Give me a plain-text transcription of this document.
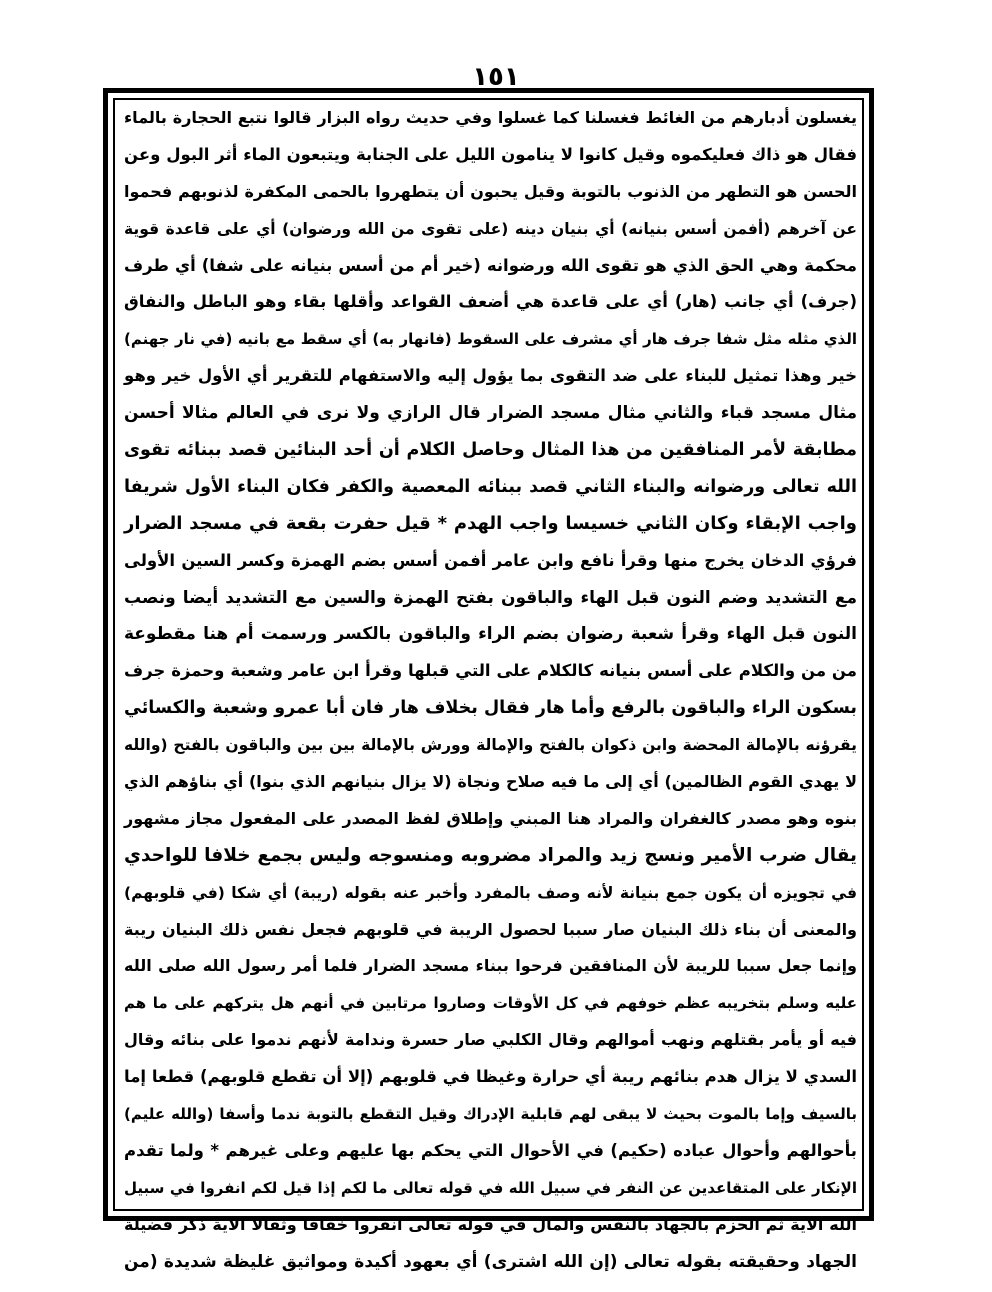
١٥١
يغسلون أدبارهم من الغائط فغسلنا كما غسلوا وفي حديث رواه البزار قالوا نتبع الحجارة بالماء
فقال هو ذاك فعليكموه وقيل كانوا لا ينامون الليل على الجنابة ويتبعون الماء أثر البول وعن
الحسن هو التطهر من الذنوب بالتوبة وقيل يحبون أن يتطهروا بالحمى المكفرة لذنوبهم فحموا
عن آخرهم (أفمن أسس بنيانه) أي بنيان دينه (على تقوى من الله ورضوان) أي على قاعدة قوية
محكمة وهي الحق الذي هو تقوى الله ورضوانه (خير أم من أسس بنيانه على شفا) أي طرف
(جرف) أي جانب (هار) أي على قاعدة هي أضعف القواعد وأقلها بقاء وهو الباطل والنفاق
الذي مثله مثل شفا جرف هار أي مشرف على السقوط (فانهار به) أي سقط مع بانيه (في نار جهنم)
خير وهذا تمثيل للبناء على ضد التقوى بما يؤول إليه والاستفهام للتقرير أي الأول خير وهو
مثال مسجد قباء والثاني مثال مسجد الضرار قال الرازي ولا نرى في العالم مثالا أحسن
مطابقة لأمر المنافقين من هذا المثال وحاصل الكلام أن أحد البنائين قصد ببنائه تقوى
الله تعالى ورضوانه والبناء الثاني قصد ببنائه المعصية والكفر فكان البناء الأول شريفا
واجب الإبقاء وكان الثاني خسيسا واجب الهدم * قيل حفرت بقعة في مسجد الضرار
فرؤي الدخان يخرج منها وقرأ نافع وابن عامر أفمن أسس بضم الهمزة وكسر السين الأولى
مع التشديد وضم النون قبل الهاء والباقون بفتح الهمزة والسين مع التشديد أيضا ونصب
النون قبل الهاء وقرأ شعبة رضوان بضم الراء والباقون بالكسر ورسمت أم هنا مقطوعة
من من والكلام على أسس بنيانه كالكلام على التي قبلها وقرأ ابن عامر وشعبة وحمزة جرف
بسكون الراء والباقون بالرفع وأما هار فقال بخلاف هار فان أبا عمرو وشعبة والكسائي
يقرؤنه بالإمالة المحضة وابن ذكوان بالفتح والإمالة وورش بالإمالة بين بين والباقون بالفتح (والله
لا يهدي القوم الظالمين) أي إلى ما فيه صلاح ونجاة (لا يزال بنيانهم الذي بنوا) أي بناؤهم الذي
بنوه وهو مصدر كالغفران والمراد هنا المبني وإطلاق لفظ المصدر على المفعول مجاز مشهور
يقال ضرب الأمير ونسج زيد والمراد مضروبه ومنسوجه وليس بجمع خلافا للواحدي
في تجويزه أن يكون جمع بنيانة لأنه وصف بالمفرد وأخبر عنه بقوله (ريبة) أي شكا (في قلوبهم)
والمعنى أن بناء ذلك البنيان صار سببا لحصول الريبة في قلوبهم فجعل نفس ذلك البنيان ريبة
وإنما جعل سببا للريبة لأن المنافقين فرحوا ببناء مسجد الضرار فلما أمر رسول الله صلى الله
عليه وسلم بتخريبه عظم خوفهم في كل الأوقات وصاروا مرتابين في أنهم هل يتركهم على ما هم
فيه أو يأمر بقتلهم ونهب أموالهم وقال الكلبي صار حسرة وندامة لأنهم ندموا على بنائه وقال
السدي لا يزال هدم بنائهم ريبة أي حرارة وغيظا في قلوبهم (إلا أن تقطع قلوبهم) قطعا إما
بالسيف وإما بالموت بحيث لا يبقى لهم قابلية الإدراك وقيل التقطع بالتوبة ندما وأسفا (والله عليم)
بأحوالهم وأحوال عباده (حكيم) في الأحوال التي يحكم بها عليهم وعلى غيرهم * ولما تقدم
الإنكار على المتقاعدين عن النفر في سبيل الله في قوله تعالى ما لكم إذا قيل لكم انفروا في سبيل
الله الآية ثم الحزم بالجهاد بالنفس والمال في قوله تعالى انفروا خفافا وثقالا الآية ذكر فضيلة
الجهاد وحقيقته بقوله تعالى (إن الله اشترى) أي بعهود أكيدة ومواثيق غليظة شديدة (من
